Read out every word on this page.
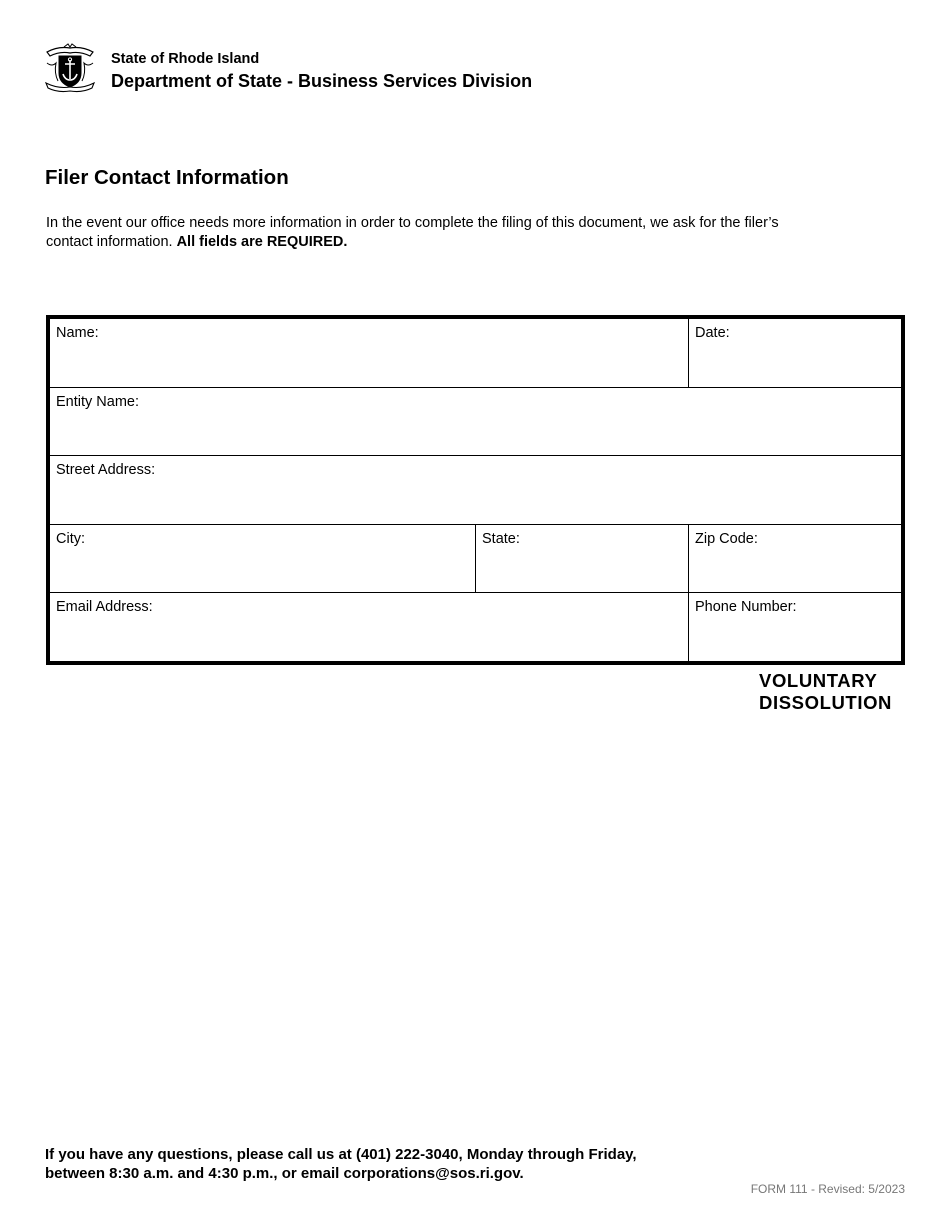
State of Rhode Island
Department of State - Business Services Division
Filer Contact Information
In the event our office needs more information in order to complete the filing of this document, we ask for the filer’s contact information. All fields are REQUIRED.
Name:	Date:
Entity Name:
Street Address:
City:	State:	Zip Code:
Email Address:	Phone Number:
VOLUNTARY
DISSOLUTION
If you have any questions, please call us at (401) 222-3040, Monday through Friday,
between 8:30 a.m. and 4:30 p.m., or email corporations@sos.ri.gov.
FORM 111 - Revised: 5/2023
